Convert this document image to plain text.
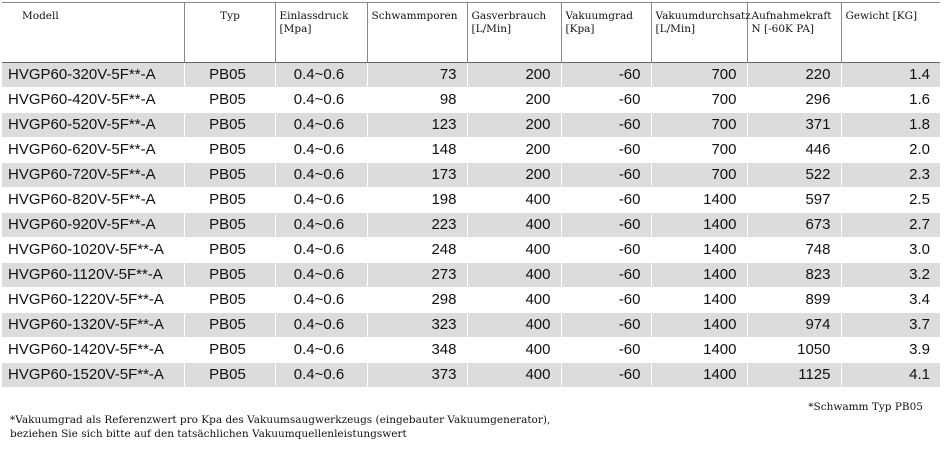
Modell	Typ	Einlassdruck [Mpa]	Schwammporen	Gasverbrauch [L/Min]	Vakuumgrad [Kpa]	Vakuumdurchsatz [L/Min]	Aufnahmekraft N [-60K PA]	Gewicht [KG]
HVGP60-320V-5F**-A	PB05	0.4~0.6	73	200	-60	700	220	1.4
HVGP60-420V-5F**-A	PB05	0.4~0.6	98	200	-60	700	296	1.6
HVGP60-520V-5F**-A	PB05	0.4~0.6	123	200	-60	700	371	1.8
HVGP60-620V-5F**-A	PB05	0.4~0.6	148	200	-60	700	446	2.0
HVGP60-720V-5F**-A	PB05	0.4~0.6	173	200	-60	700	522	2.3
HVGP60-820V-5F**-A	PB05	0.4~0.6	198	400	-60	1400	597	2.5
HVGP60-920V-5F**-A	PB05	0.4~0.6	223	400	-60	1400	673	2.7
HVGP60-1020V-5F**-A	PB05	0.4~0.6	248	400	-60	1400	748	3.0
HVGP60-1120V-5F**-A	PB05	0.4~0.6	273	400	-60	1400	823	3.2
HVGP60-1220V-5F**-A	PB05	0.4~0.6	298	400	-60	1400	899	3.4
HVGP60-1320V-5F**-A	PB05	0.4~0.6	323	400	-60	1400	974	3.7
HVGP60-1420V-5F**-A	PB05	0.4~0.6	348	400	-60	1400	1050	3.9
HVGP60-1520V-5F**-A	PB05	0.4~0.6	373	400	-60	1400	1125	4.1
*Schwamm Typ PB05
*Vakuumgrad als Referenzwert pro Kpa des Vakuumsaugwerkzeugs (eingebauter Vakuumgenerator),
beziehen Sie sich bitte auf den tatsächlichen Vakuumquellenleistungswert
